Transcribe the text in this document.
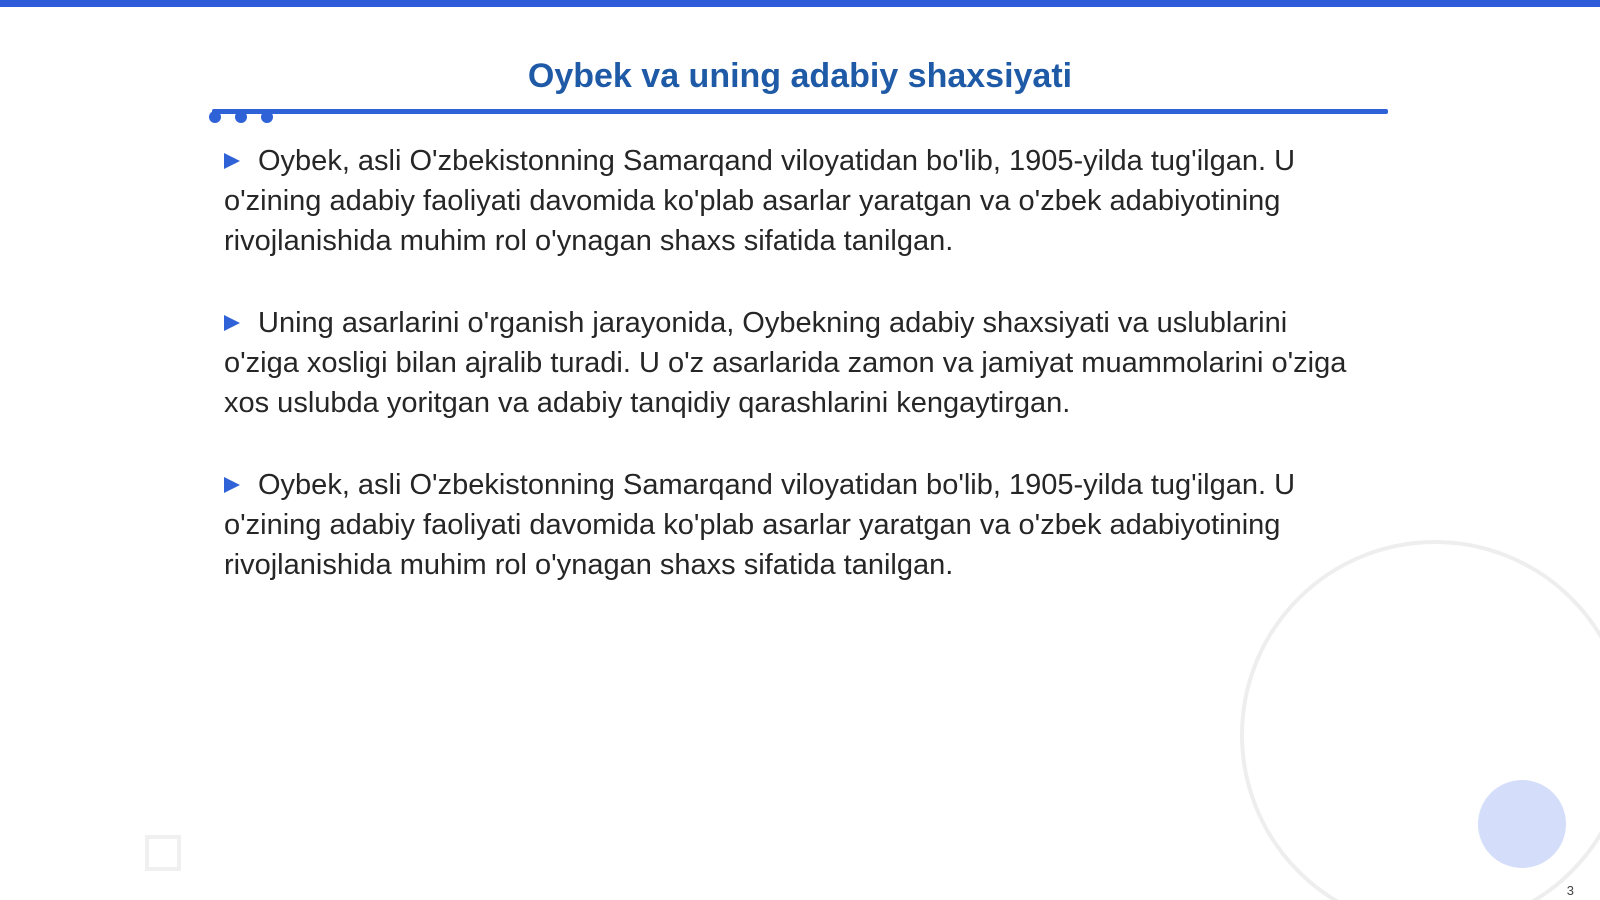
Oybek va uning adabiy shaxsiyati
Oybek, asli O'zbekistonning Samarqand viloyatidan bo'lib, 1905-yilda tug'ilgan. U o'zining adabiy faoliyati davomida ko'plab asarlar yaratgan va o'zbek adabiyotining rivojlanishida muhim rol o'ynagan shaxs sifatida tanilgan.
Uning asarlarini o'rganish jarayonida, Oybekning adabiy shaxsiyati va uslublarini o'ziga xosligi bilan ajralib turadi. U o'z asarlarida zamon va jamiyat muammolarini o'ziga xos uslubda yoritgan va adabiy tanqidiy qarashlarini kengaytirgan.
Oybek, asli O'zbekistonning Samarqand viloyatidan bo'lib, 1905-yilda tug'ilgan. U o'zining adabiy faoliyati davomida ko'plab asarlar yaratgan va o'zbek adabiyotining rivojlanishida muhim rol o'ynagan shaxs sifatida tanilgan.
3
